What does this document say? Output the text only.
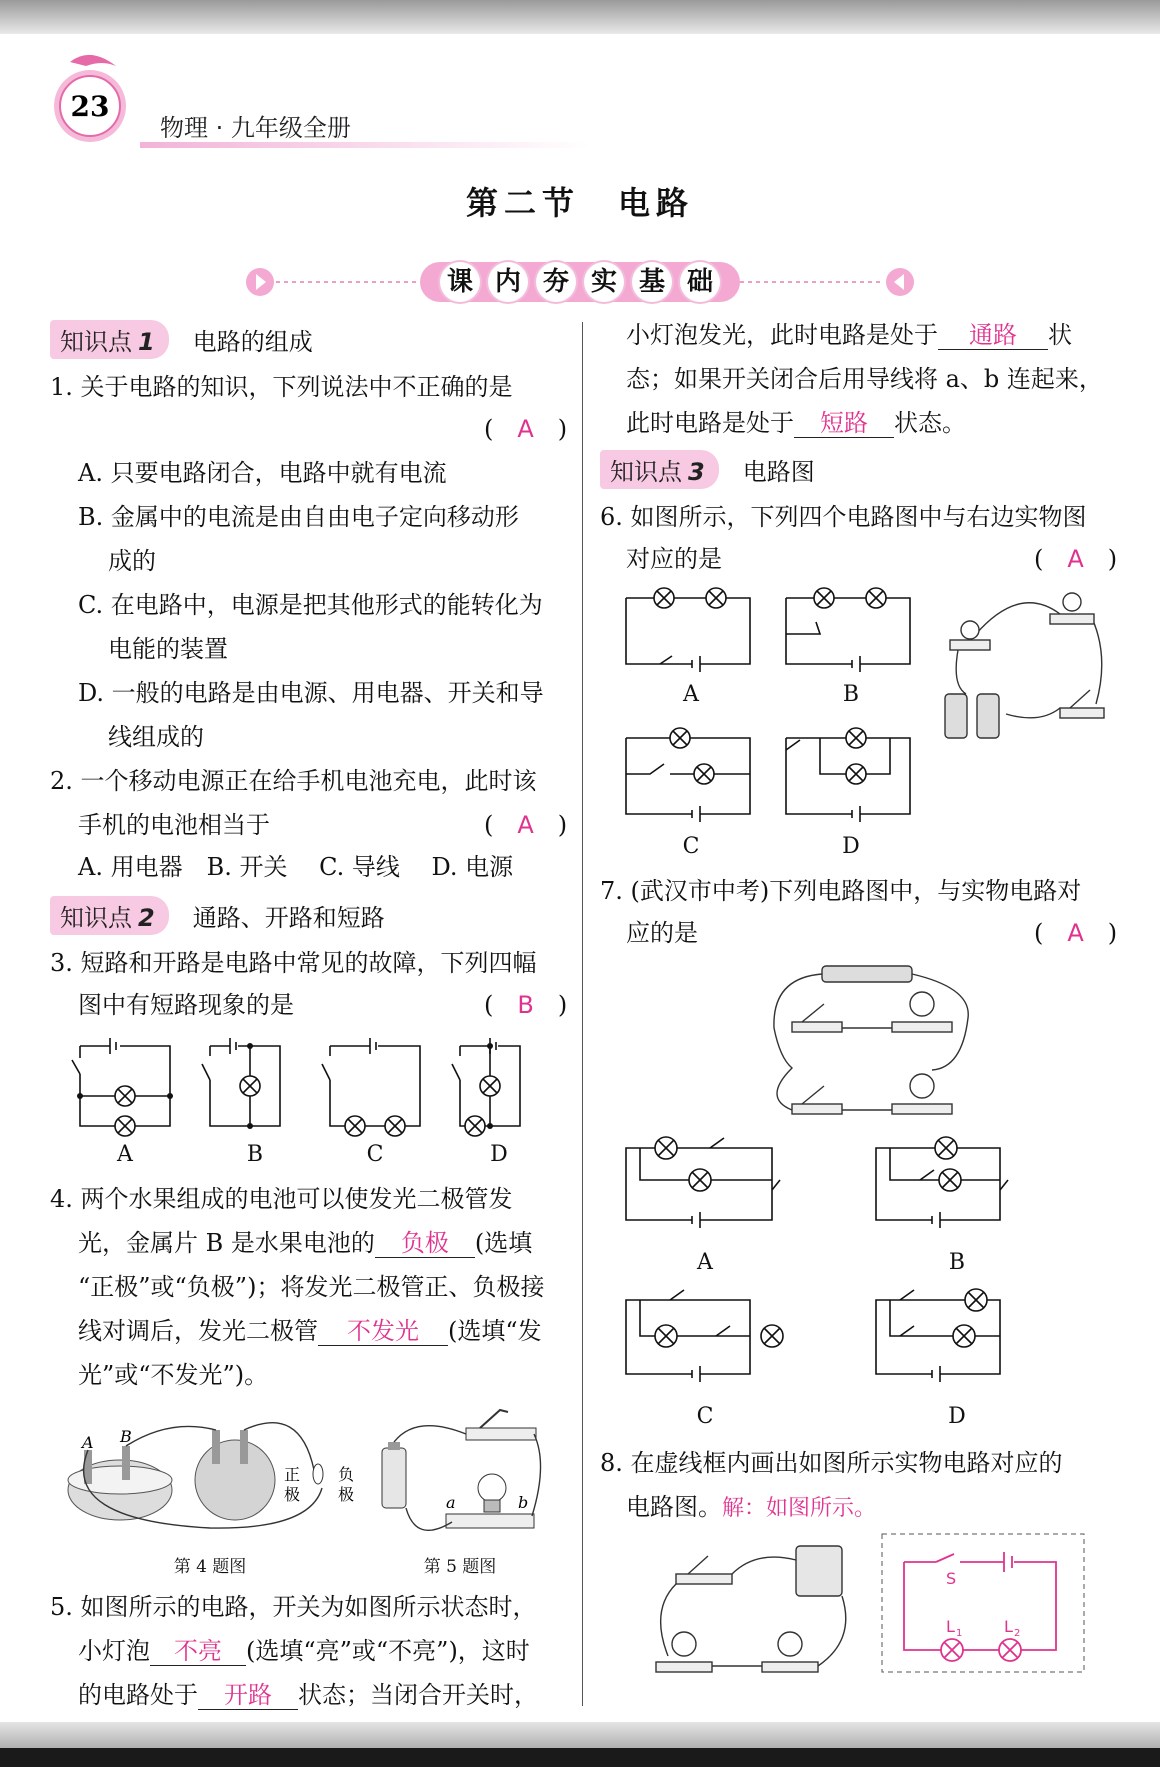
23
物理 · 九年级全册
第二节　电路
课 内 夯 实 基 础
知识点 1	电路的组成
1. 关于电路的知识，下列说法中不正确的是
(　A　)
A. 只要电路闭合，电路中就有电流
B. 金属中的电流是由自由电子定向移动形
成的
C. 在电路中，电源是把其他形式的能转化为
电能的装置
D. 一般的电路是由电源、用电器、开关和导
线组成的
2. 一个移动电源正在给手机电池充电，此时该
手机的电池相当于	(　A　)
A. 用电器　B. 开关　 C. 导线　 D. 电源
知识点 2	通路、开路和短路
3. 短路和开路是电路中常见的故障，下列四幅
图中有短路现象的是	(　B　)
A	B	C	D
4. 两个水果组成的电池可以使发光二极管发
光，金属片 B 是水果电池的 负极 (选填
“正极”或“负极”)；将发光二极管正、负极接
线对调后，发光二极管 不发光 (选填“发
光”或“不发光”)。
A B
正
极
负
极
第 4 题图
a	b
第 5 题图
5. 如图所示的电路，开关为如图所示状态时，
小灯泡 不亮 (选填“亮”或“不亮”)，这时
的电路处于 开路 状态；当闭合开关时，
小灯泡发光，此时电路是处于 通路 状
态；如果开关闭合后用导线将 a、b 连起来，
此时电路是处于 短路 状态。
知识点 3	电路图
6. 如图所示，下列四个电路图中与右边实物图
对应的是	(　A　)
A	B
C	D
7. (武汉市中考)下列电路图中，与实物电路对
应的是	(　A　)
A	B
C	D
8. 在虚线框内画出如图所示实物电路对应的
电路图。解：如图所示。
S
L 1	L 2
